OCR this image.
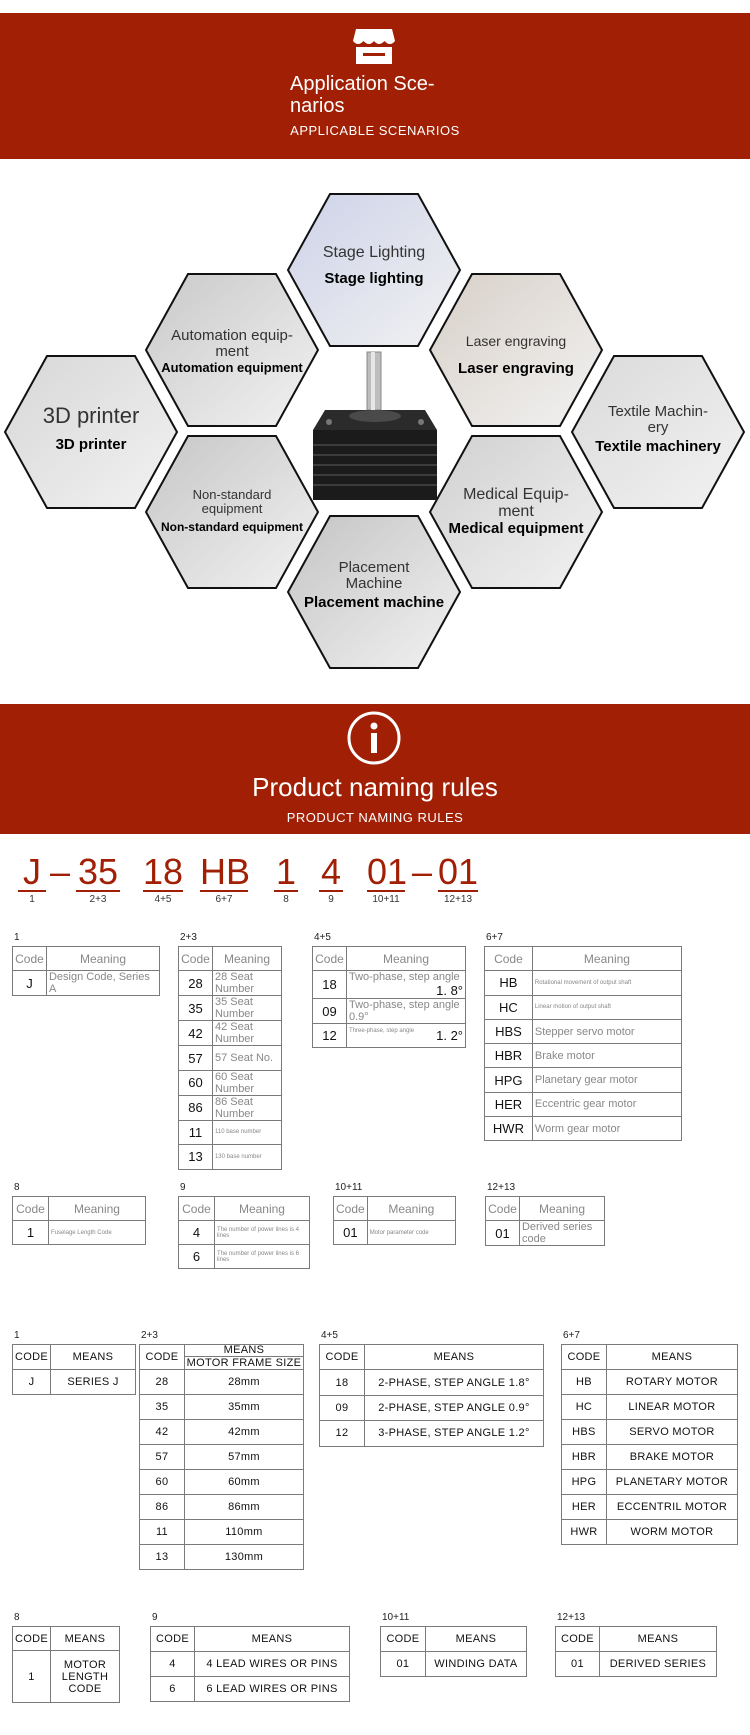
Application Sce-
narios
APPLICABLE SCENARIOS
Stage Lighting
Stage lighting
Automation equip-
ment
Automation equipment
Laser engraving
Laser engraving
3D printer
3D printer
Textile Machin-
ery
Textile machinery
Non-standard
equipment
Non-standard equipment
Medical Equip-
ment
Medical equipment
Placement
Machine
Placement machine
Product naming rules
PRODUCT NAMING RULES
J
1
– 35
2+3
18
4+5
HB
6+7
1
8
4
9
01
10+11
– 01
12+13
1
Code	Meaning
J	Design Code, Series A
2+3
Code	Meaning
28	28 Seat Number
35	35 Seat Number
42	42 Seat Number
57	57 Seat No.
60	60 Seat Number
86	86 Seat Number
11	110 base number
13	130 base number
4+5
Code	Meaning
18	Two-phase, step angle
1. 8°

09	Two-phase, step angle 0.9°
12	Three-phase, step angle 1. 2°
6+7
Code	Meaning
HB	Rotational movement of output shaft
HC	Linear motion of output shaft
HBS	Stepper servo motor
HBR	Brake motor
HPG	Planetary gear motor
HER	Eccentric gear motor
HWR	Worm gear motor
8
Code	Meaning
1	Fuselage Length Code
9
Code	Meaning
4	The number of power lines is 4 lines
6	The number of power lines is 6 lines
10+11
Code	Meaning
01	Motor parameter code
12+13
Code	Meaning
01	Derived series code
1
CODE	MEANS
J	SERIES J
2+3
CODE	MEANS
MOTOR FRAME SIZE

28	28mm
35	35mm
42	42mm
57	57mm
60	60mm
86	86mm
11	110mm
13	130mm
4+5
CODE	MEANS
18	2-PHASE, STEP ANGLE 1.8°
09	2-PHASE, STEP ANGLE 0.9°
12	3-PHASE, STEP ANGLE 1.2°
6+7
CODE	MEANS
HB	ROTARY MOTOR
HC	LINEAR MOTOR
HBS	SERVO MOTOR
HBR	BRAKE MOTOR
HPG	PLANETARY MOTOR
HER	ECCENTRIL MOTOR
HWR	WORM MOTOR
8
CODE	MEANS
1	MOTOR
LENGTH
CODE
9
CODE	MEANS
4	4 LEAD WIRES OR PINS
6	6 LEAD WIRES OR PINS
10+11
CODE	MEANS
01	WINDING DATA
12+13
CODE	MEANS
01	DERIVED SERIES
